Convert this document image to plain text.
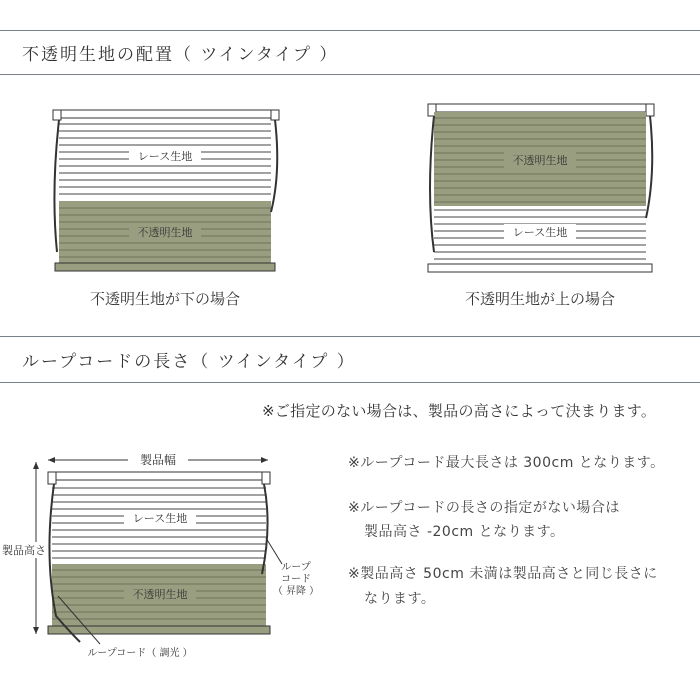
不透明生地の配置（ ツインタイプ ）
レース生地
不透明生地
不透明生地が下の場合
不透明生地
レース生地
不透明生地が上の場合
ループコードの長さ（ ツインタイプ ）
※ご指定のない場合は、製品の高さによって決まります。
製品幅
製品高さ
レース生地
不透明生地
ループ
コード
（ 昇降 ）
ループコード（ 調光 ）
※ループコード最大長さは 300cm となります。
※ループコードの長さの指定がない場合は
製品高さ -20cm となります。
※製品高さ 50cm 未満は製品高さと同じ長さに
なります。
